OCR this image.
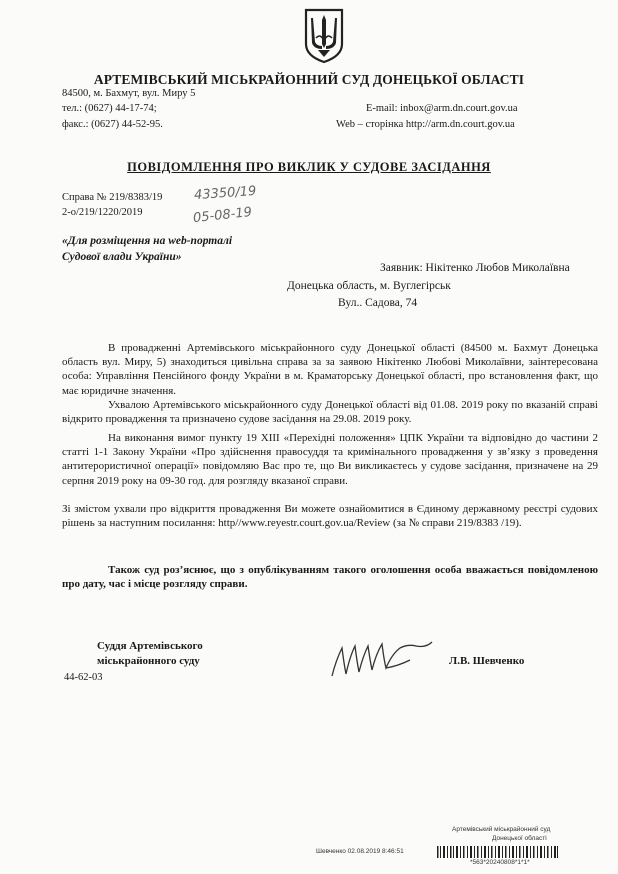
АРТЕМІВСЬКИЙ МІСЬКРАЙОННИЙ СУД ДОНЕЦЬКОЇ ОБЛАСТІ
84500, м. Бахмут, вул. Миру 5
тел.: (0627) 44-17-74;
факс.: (0627) 44-52-95.
E-mail: inbox@arm.dn.court.gov.ua
Web – сторінка http://arm.dn.court.gov.ua
ПОВІДОМЛЕННЯ ПРО ВИКЛИК У СУДОВЕ ЗАСІДАННЯ
Справа № 219/8383/19
2-о/219/1220/2019
43350/19
05-08-19
«Для розміщення на web-порталі
Судової влади України»
Заявник: Нікітенко Любов Миколаївна
Донецька область, м. Вуглегірськ
Вул.. Садова, 74
В провадженні Артемівського міськрайонного суду Донецької області (84500 м. Бахмут Донецька область вул. Миру, 5) знаходиться цивільна справа за за заявою Нікітенко Любові Миколаївни, заінтересована особа: Управління Пенсійного фонду України в м. Краматорську Донецької області, про встановлення факт, що має юридичне значення.
Ухвалою Артемівського міськрайонного суду Донецької області від 01.08. 2019 року по вказаній справі відкрито провадження та призначено судове засідання на 29.08. 2019 року.
На виконання вимог пункту 19 ХІІІ «Перехідні положення» ЦПК України та відповідно до частини 2 статті 1-1 Закону України «Про здійснення правосуддя та кримінального провадження у зв’язку з проведення антитерористичної операції» повідомляю Вас про те, що Ви викликаєтесь у судове засідання, призначене на 29 серпня 2019 року на 09-30 год. для розгляду вказаної справи.
Зі змістом ухвали про відкриття провадження Ви можете ознайомитися в Єдиному державному реєстрі судових рішень за наступним посилання: http//www.reyestr.court.gov.ua/Review (за № справи 219/8383 /19).
Також суд роз’яснює, що з опублікуванням такого оголошення особа вважається повідомленою про дату, час і місце розгляду справи.
Суддя Артемівського
міськрайонного суду
44-62-03
Л.В. Шевченко
Артемівський міськрайонний суд
Донецької області
Шевченко 02.08.2019 8:46:51
*563*20240808*1*1*
